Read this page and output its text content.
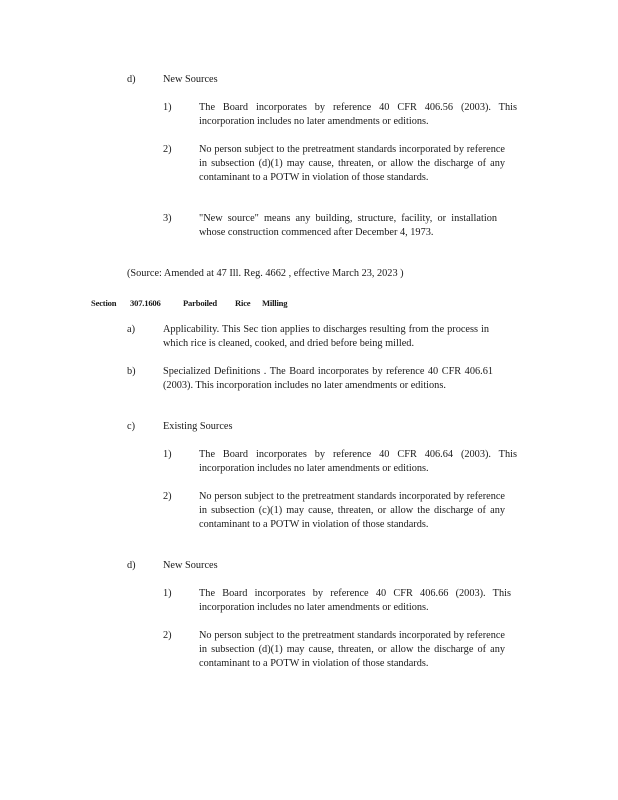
d)	New Sources
1)	The Board incorporates by reference 40 CFR 406.56 (2003). This incorporation includes no later amendments or editions.
2)	No person subject to the pretreatment standards incorporated by reference in subsection (d)(1) may cause, threaten, or allow the discharge of any contaminant to a POTW in violation of those standards.
3)	"New source" means any building, structure, facility, or installation whose construction commenced after December 4, 1973.
(Source: Amended at 47 Ill. Reg. 4662 , effective March 23, 2023 )
Section 307.1606	Parboiled Rice Milling
a)	Applicability. This Sec tion applies to discharges resulting from the process in which rice is cleaned, cooked, and dried before being milled.
b)	Specialized Definitions . The Board incorporates by reference 40 CFR 406.61 (2003). This incorporation includes no later amendments or editions.
c)	Existing Sources
1)	The Board incorporates by reference 40 CFR 406.64 (2003). This incorporation includes no later amendments or editions.
2)	No person subject to the pretreatment standards incorporated by reference in subsection (c)(1) may cause, threaten, or allow the discharge of any contaminant to a POTW in violation of those standards.
d)	New Sources
1)	The Board incorporates by reference 40 CFR 406.66 (2003). This incorporation includes no later amendments or editions.
2)	No person subject to the pretreatment standards incorporated by reference in subsection (d)(1) may cause, threaten, or allow the discharge of any contaminant to a POTW in violation of those standards.
